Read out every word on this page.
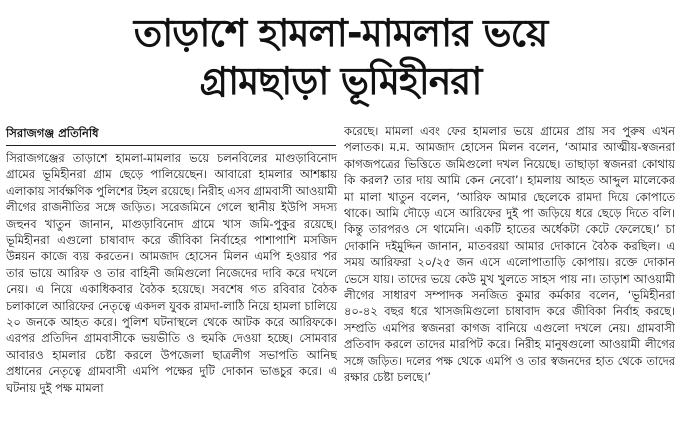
তাড়াশে হামলা-মামলার ভয়ে
গ্রামছাড়া ভূমিহীনরা
সিরাজগঞ্জ প্রতিনিধি

সিরাজগঞ্জের তাড়াশে হামলা-মামলার ভয়ে চলনবিলের মাগুড়াবিনোদ গ্রামের ভূমিহীনরা গ্রাম ছেড়ে পালিয়েছেন। আবারো হামলার আশঙ্কায় এলাকায় সার্বক্ষণিক পুলিশের টহল রয়েছে। নিরীহ এসব গ্রামবাসী আওয়ামী লীগের রাজনীতির সঙ্গে জড়িত। সরেজমিনে গেলে স্থানীয় ইউপি সদস্য জহুনব খাতুন জানান, মাগুড়াবিনোদ গ্রামে খাস জমি-পুকুর রয়েছে। ভূমিহীনরা এগুলো চাষাবাদ করে জীবিকা নির্বাহের পাশাপাশি মসজিদ উন্নয়ন কাজে ব্যয় করতেন। আমজাদ হোসেন মিলন এমপি হওয়ার পর তার ভায়ে আরিফ ও তার বাহিনী জমিগুলো নিজেদের দাবি করে দখলে নেয়। এ নিয়ে একাধিকবার বৈঠক হয়েছে। সবশেষ গত রবিবার বৈঠক চলাকালে আরিফের নেতৃত্বে একদল যুবক রামদা-লাঠি নিয়ে হামলা চালিয়ে ২০ জনকে আহত করে। পুলিশ ঘটনাস্থলে থেকে আটক করে আরিফকে। এরপর প্রতিদিন গ্রামবাসীকে ভয়ভীতি ও হুমকি দেওয়া হচ্ছে। সোমবার আবারও হামলার চেষ্টা করলে উপজেলা ছাত্রলীগ সভাপতি আনিছ প্রধানের নেতৃত্বে গ্রামবাসী এমপি পক্ষের দুটি দোকান ভাঙচুর করে। এ ঘটনায় দুই পক্ষ মামলা

করেছে। মামলা এবং ফের হামলার ভয়ে গ্রামের প্রায় সব পুরুষ এখন পলাতক। ম.ম. আমজাদ হোসেন মিলন বলেন, ‘আমার আত্মীয়-স্বজনরা কাগজপত্রের ভিত্তিতে জমিগুলো দখল নিয়েছে। তাছাড়া স্বজনরা কোথায় কি করল? তার দায় আমি কেন নেবো’। হামলায় আহত আব্দুল মালেকের মা মালা খাতুন বলেন, ‘আরিফ আমার ছেলেকে রামদা দিয়ে কোপাতে থাকে। আমি দৌড়ে এসে আরিফের দুই পা জড়িয়ে ধরে ছেড়ে দিতে বলি। কিন্তু তারপরও সে থামেনি। একটি হাতের অর্ধেকটা কেটে ফেলেছে।’ চা দোকানি দইমুদ্দিন জানান, মাতবরয়া আমার দোকানে বৈঠক করছিল। এ সময় আরিফরা ২০/২৫ জন এসে এলোপাতাড়ি কোপায়। রক্তে দোকান ভেসে যায়। তাদের ভয়ে কেউ মুখ খুলতে সাহস পায় না। তাড়াশ আওয়ামী লীগের সাধারণ সম্পাদক সনজিত কুমার কর্মকার বলেন, ‘ভূমিহীনরা ৪০-৪২ বছর ধরে খাসজমিগুলো চাষাবাদ করে জীবিকা নির্বাহ করছে। সম্প্রতি এমপির স্বজনরা কাগজ বানিয়ে এগুলো দখলে নেয়। গ্রামবাসী প্রতিবাদ করলে তাদের মারপিট করে। নিরীহ মানুষগুলো আওয়ামী লীগের সঙ্গে জড়িত। দলের পক্ষ থেকে এমপি ও তার স্বজনদের হাত থেকে তাদের রক্ষার চেষ্টা চলছে।’
